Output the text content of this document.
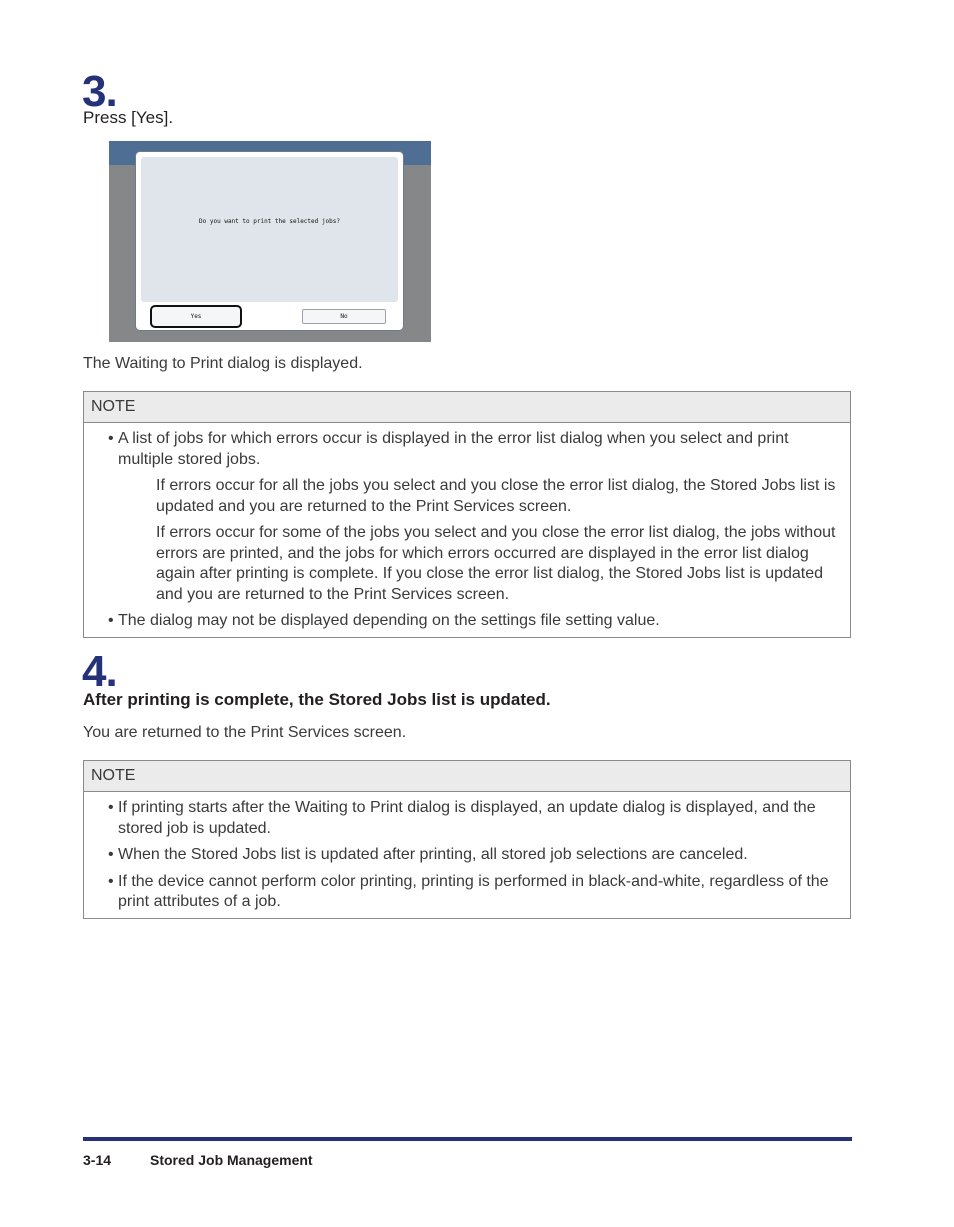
3.
Press [Yes].
Do you want to print the selected jobs?
Yes	No
The Waiting to Print dialog is displayed.
NOTE
• A list of jobs for which errors occur is displayed in the error list dialog when you select and print multiple stored jobs.
If errors occur for all the jobs you select and you close the error list dialog, the Stored Jobs list is updated and you are returned to the Print Services screen.
If errors occur for some of the jobs you select and you close the error list dialog, the jobs without errors are printed, and the jobs for which errors occurred are displayed in the error list dialog again after printing is complete. If you close the error list dialog, the Stored Jobs list is updated and you are returned to the Print Services screen.
• The dialog may not be displayed depending on the settings file setting value.
4.
After printing is complete, the Stored Jobs list is updated.
You are returned to the Print Services screen.
NOTE
• If printing starts after the Waiting to Print dialog is displayed, an update dialog is displayed, and the stored job is updated.
• When the Stored Jobs list is updated after printing, all stored job selections are canceled.
• If the device cannot perform color printing, printing is performed in black-and-white, regardless of the print attributes of a job.
3-14	Stored Job Management
